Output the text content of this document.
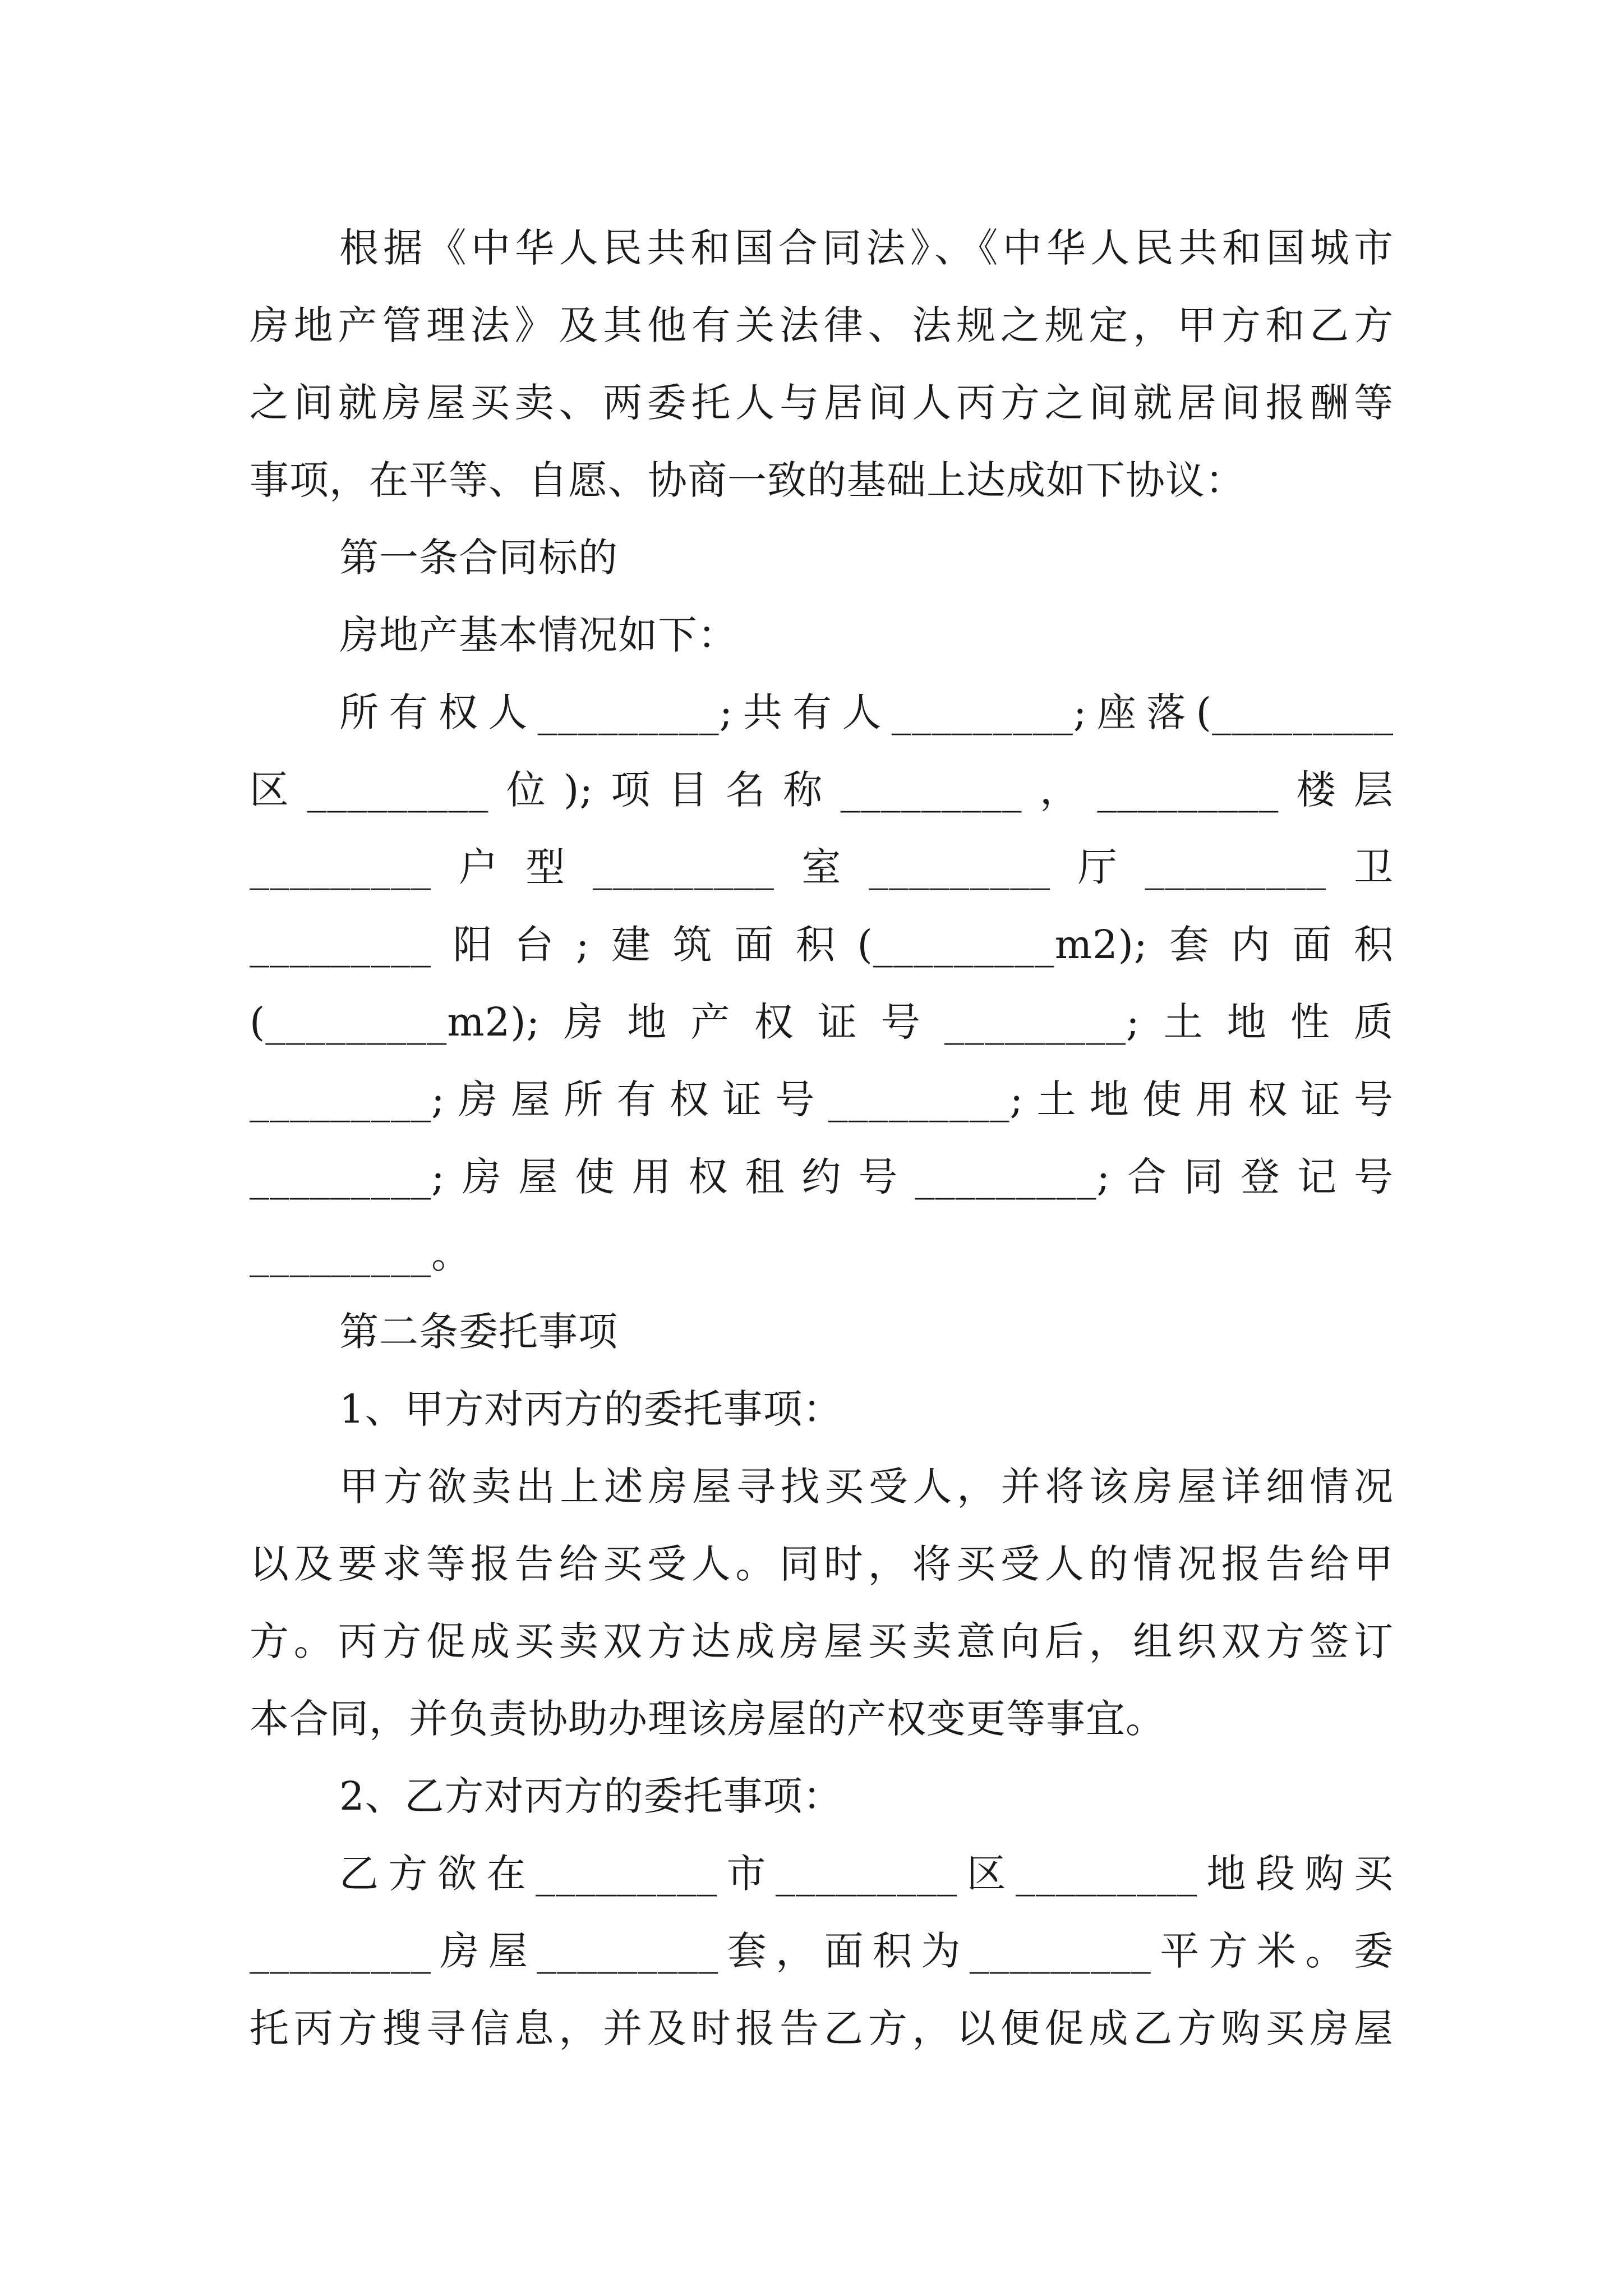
根据《中华人民共和国合同法》、《中华人民共和国城市
房地产管理法》及其他有关法律、法规之规定，甲方和乙方
之间就房屋买卖、两委托人与居间人丙方之间就居间报酬等
事项，在平等、自愿、协商一致的基础上达成如下协议：
第一条合同标的
房地产基本情况如下：
所有权人_________;共有人_________;座落(_________
区_________位);项目名称_________，_________楼层
_________户型_________室_________厅_________卫
_________阳台;建筑面积(_________m2);套内面积
(_________m2);房地产权证号_________;土地性质
_________;房屋所有权证号_________;土地使用权证号
_________;房屋使用权租约号_________;合同登记号
_________。
第二条委托事项
1、甲方对丙方的委托事项：
甲方欲卖出上述房屋寻找买受人，并将该房屋详细情况
以及要求等报告给买受人。同时，将买受人的情况报告给甲
方。丙方促成买卖双方达成房屋买卖意向后，组织双方签订
本合同，并负责协助办理该房屋的产权变更等事宜。
2、乙方对丙方的委托事项：
乙方欲在_________市_________区_________地段购买
_________房屋_________套，面积为_________平方米。委
托丙方搜寻信息，并及时报告乙方，以便促成乙方购买房屋
